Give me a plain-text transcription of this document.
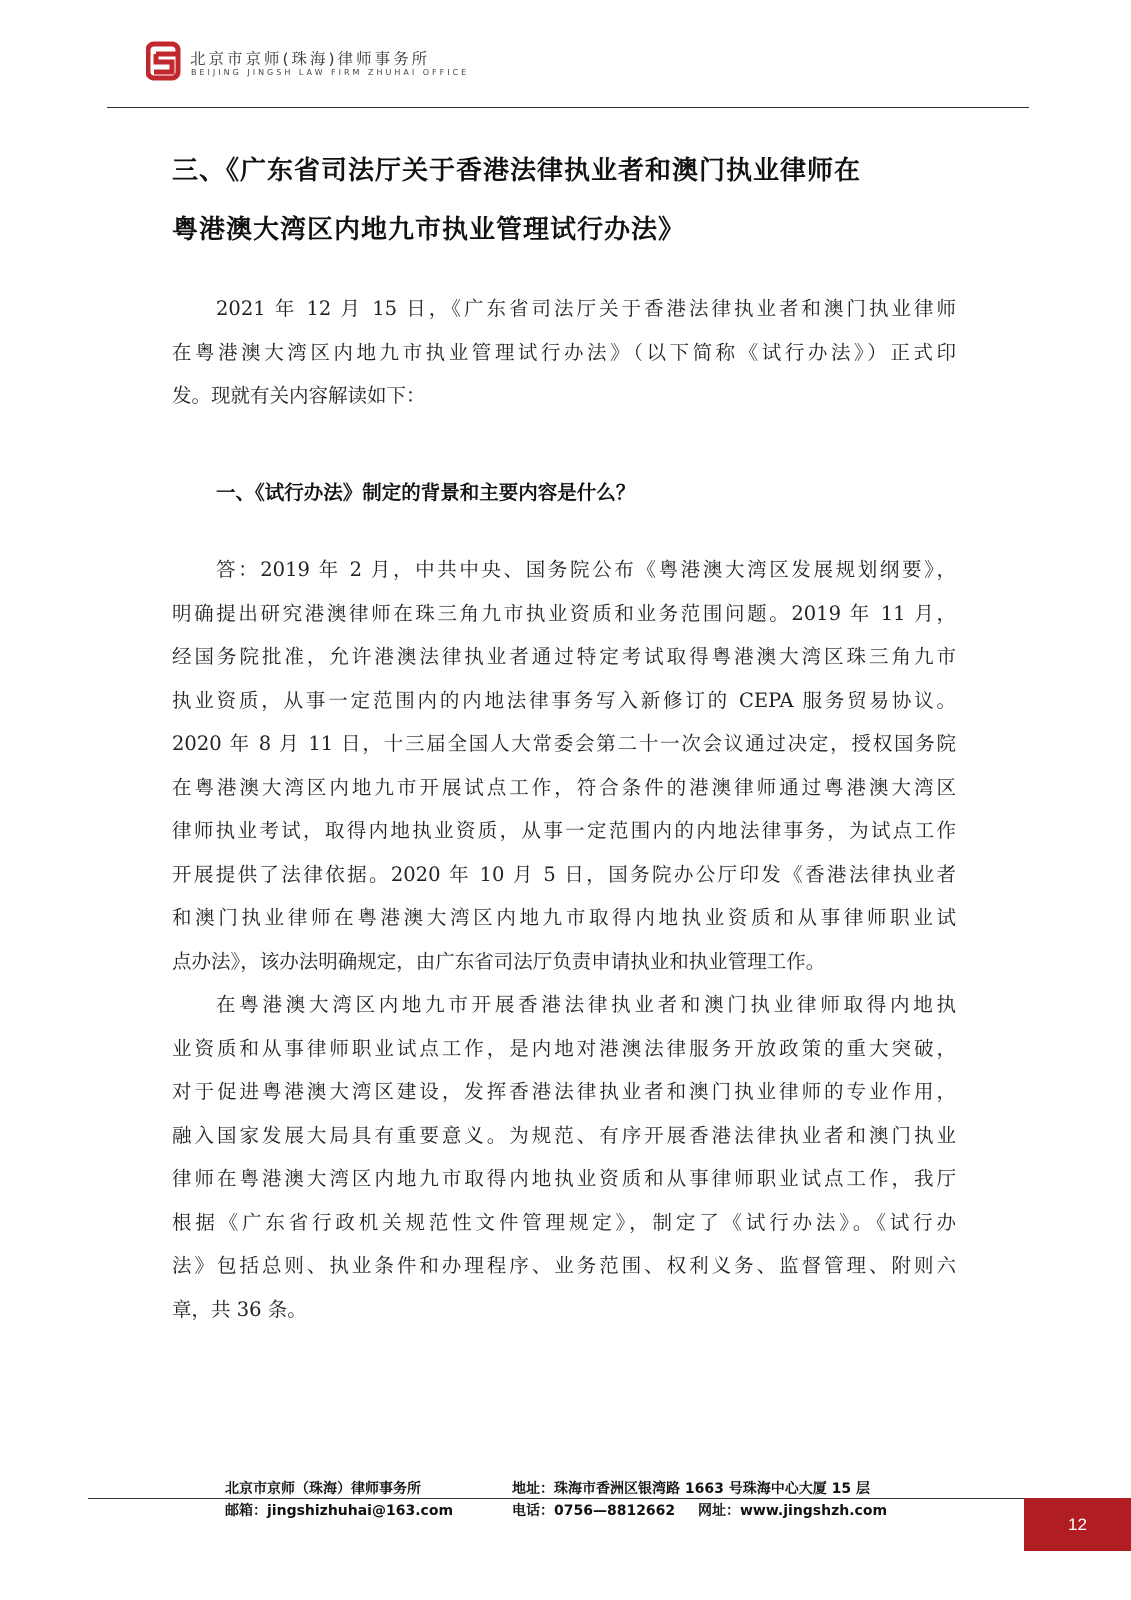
北京市京师(珠海)律师事务所
BEIJING JINGSH LAW FIRM ZHUHAI OFFICE
三、《广东省司法厅关于香港法律执业者和澳门执业律师在
粤港澳大湾区内地九市执业管理试行办法》
2021 年 12 月 15 日，《广东省司法厅关于香港法律执业者和澳门执业律师
在粤港澳大湾区内地九市执业管理试行办法》（以下简称《试行办法》）正式印
发。现就有关内容解读如下：
一、《试行办法》制定的背景和主要内容是什么？
答：2019 年 2 月，中共中央、国务院公布《粤港澳大湾区发展规划纲要》，
明确提出研究港澳律师在珠三角九市执业资质和业务范围问题。2019 年 11 月，
经国务院批准，允许港澳法律执业者通过特定考试取得粤港澳大湾区珠三角九市
执业资质，从事一定范围内的内地法律事务写入新修订的 CEPA 服务贸易协议。
2020 年 8 月 11 日，十三届全国人大常委会第二十一次会议通过决定，授权国务院
在粤港澳大湾区内地九市开展试点工作，符合条件的港澳律师通过粤港澳大湾区
律师执业考试，取得内地执业资质，从事一定范围内的内地法律事务，为试点工作
开展提供了法律依据。2020 年 10 月 5 日，国务院办公厅印发《香港法律执业者
和澳门执业律师在粤港澳大湾区内地九市取得内地执业资质和从事律师职业试
点办法》，该办法明确规定，由广东省司法厅负责申请执业和执业管理工作。
在粤港澳大湾区内地九市开展香港法律执业者和澳门执业律师取得内地执
业资质和从事律师职业试点工作，是内地对港澳法律服务开放政策的重大突破，
对于促进粤港澳大湾区建设，发挥香港法律执业者和澳门执业律师的专业作用，
融入国家发展大局具有重要意义。为规范、有序开展香港法律执业者和澳门执业
律师在粤港澳大湾区内地九市取得内地执业资质和从事律师职业试点工作，我厅
根据《广东省行政机关规范性文件管理规定》，制定了《试行办法》。《试行办
法》包括总则、执业条件和办理程序、业务范围、权利义务、监督管理、附则六
章，共 36 条。
北京市京师（珠海）律师事务所	地址：珠海市香洲区银湾路 1663 号珠海中心大厦 15 层
邮箱：jingshizhuhai@163.com	电话：0756—8812662 网址：www.jingshzh.com
12
